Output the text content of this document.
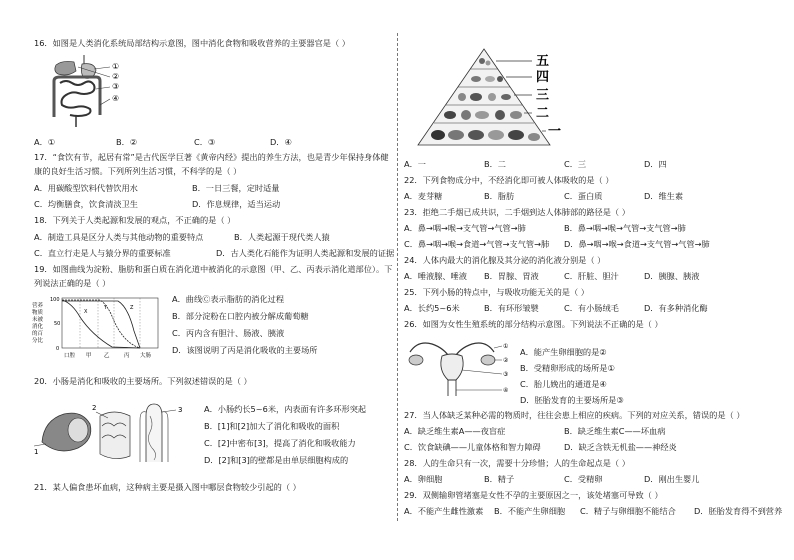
16．如图是人类消化系统局部结构示意图，图中消化食物和吸收营养的主要器官是（ ）
①
②
③
④
A．①	B．②	C．③	D．④
17．“食饮有节，起居有常”是古代医学巨著《黄帝内经》提出的养生方法，也是青少年保持身体健
康的良好生活习惯。下列所列生活习惯，不科学的是（ ）
A．用碳酸型饮料代替饮用水	B．一日三餐，定时适量
C．均衡膳食，饮食清淡卫生	D．作息规律，适当运动
18．下列关于人类起源和发展的观点，不正确的是（ ）
A．制造工具是区分人类与其他动物的重要特点	B．人类起源于现代类人猿
C．直立行走是人与猿分界的重要标准	D．古人类化石能作为证明人类起源和发展的证据
19．如图曲线为淀粉、脂肪和蛋白质在消化道中被消化的示意图（甲、乙、丙表示消化道部位）。下
列说法正确的是（ ）
营养 物质 未被 消化 的百 分比
100
50
0
X
Y	Z
口腔 甲 乙	丙 大肠
A．曲线Ⓒ表示脂肪的消化过程
B．部分淀粉在口腔内被分解成葡萄糖
C．丙内含有胆汁、肠液、胰液
D．该图说明了丙是消化吸收的主要场所
20．小肠是消化和吸收的主要场所。下列叙述错误的是（ ）
1
2	3	A．小肠约长5~6米，内表面有许多环形突起
B．[1]和[2]加大了消化和吸收的面积
C．[2]中密布[3]，提高了消化和吸收能力
D．[2]和[3]的壁都是由单层细胞构成的
21．某人偏食患坏血病，这种病主要是摄入图中哪层食物较少引起的（ ）
五
四
三
二
一
A．一	B．二	C．三	D．四
22．下列食物成分中，不经消化即可被人体吸收的是（ ）
A．麦芽糖	B．脂肪	C．蛋白质	D．维生素
23．拒绝二手烟已成共识，二手烟到达人体肺部的路径是（ ）
A．鼻→咽→喉→支气管→气管→肺	B．鼻→咽→喉→气管→支气管→肺
C．鼻→咽→喉→食道→气管→支气管→肺 D．鼻→咽→喉→食道→支气管→气管→肺
24．人体内最大的消化腺及其分泌的消化液分别是（ ）
A．唾液腺、唾液 B．胃腺、胃液	C．肝脏、胆汁	D．胰腺、胰液
25．下列小肠的特点中，与吸收功能无关的是（ ）
A．长约5~6米	B．有环形皱襞	C．有小肠绒毛	D．有多种消化酶
26．如图为女性生殖系统的部分结构示意图。下列说法不正确的是（ ）
①
②
③
④
A．能产生卵细胞的是②
B．受精卵形成的场所是①
C．胎儿娩出的通道是④
D．胚胎发育的主要场所是③
27．当人体缺乏某种必需的物质时，往往会患上相应的疾病。下列的对应关系，错误的是（ ）
A．缺乏维生素A——夜盲症	B．缺乏维生素C——坏血病
C．饮食缺碘——儿童体格和智力障碍	D．缺乏含铁无机盐——神经炎
28．人的生命只有一次，需要十分珍惜；人的生命起点是（ ）
A．卵细胞	B．精子	C．受精卵	D．刚出生婴儿
29．双侧输卵管堵塞是女性不孕的主要原因之一，该处堵塞可导致（ ）
A．不能产生雌性激素 B．不能产生卵细胞 C．精子与卵细胞不能结合 D．胚胎发育得不到营养
